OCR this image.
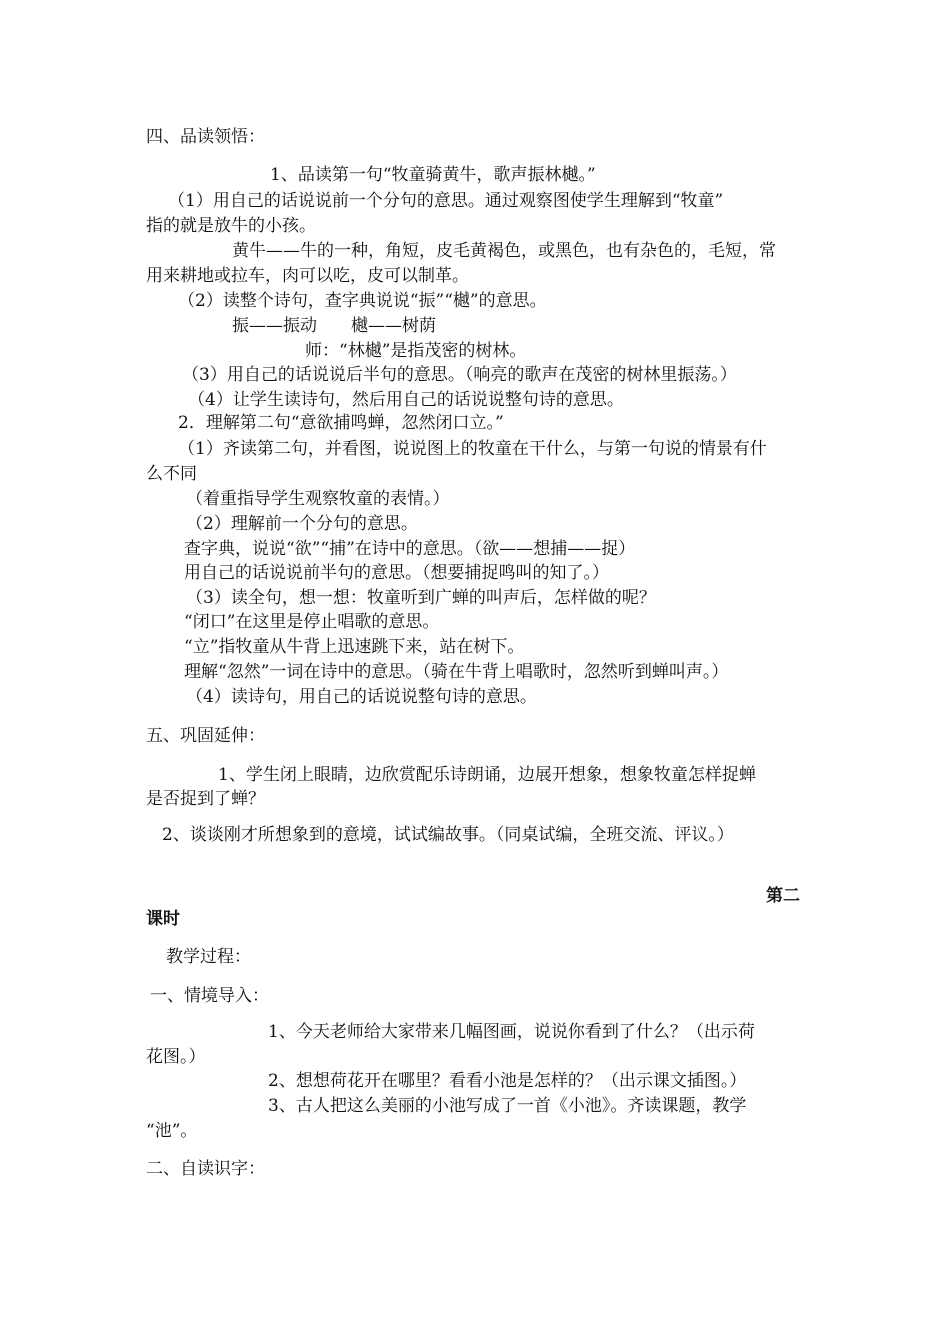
四、品读领悟：
1、品读第一句“牧童骑黄牛，歌声振林樾。”
（1）用自己的话说说前一个分句的意思。通过观察图使学生理解到“牧童”
指的就是放牛的小孩。
黄牛——牛的一种，角短，皮毛黄褐色，或黑色，也有杂色的，毛短，常
用来耕地或拉车，肉可以吃，皮可以制革。
（2）读整个诗句，查字典说说“振”“樾”的意思。
振——振动　　樾——树荫
师：“林樾”是指茂密的树林。
（3）用自己的话说说后半句的意思。（响亮的歌声在茂密的树林里振荡。）
（4）让学生读诗句，然后用自己的话说说整句诗的意思。
2．理解第二句“意欲捕鸣蝉，忽然闭口立。”
（1）齐读第二句，并看图，说说图上的牧童在干什么，与第一句说的情景有什
么不同
（着重指导学生观察牧童的表情。）
（2）理解前一个分句的意思。
查字典，说说“欲”“捕”在诗中的意思。（欲——想捕——捉）
用自己的话说说前半句的意思。（想要捕捉鸣叫的知了。）
（3）读全句，想一想：牧童听到广蝉的叫声后，怎样做的呢？
“闭口”在这里是停止唱歌的意思。
“立”指牧童从牛背上迅速跳下来，站在树下。
理解“忽然”一词在诗中的意思。（骑在牛背上唱歌时，忽然听到蝉叫声。）
（4）读诗句，用自己的话说说整句诗的意思。
五、巩固延伸：
1、学生闭上眼睛，边欣赏配乐诗朗诵，边展开想象，想象牧童怎样捉蝉
是否捉到了蝉？
2、谈谈刚才所想象到的意境，试试编故事。（同桌试编，全班交流、评议。）
第二
课时
教学过程：
一、情境导入：
1、今天老师给大家带来几幅图画，说说你看到了什么？（出示荷
花图。）
2、想想荷花开在哪里？看看小池是怎样的？（出示课文插图。）
3、古人把这么美丽的小池写成了一首《小池》。齐读课题，教学
“池”。
二、自读识字：
